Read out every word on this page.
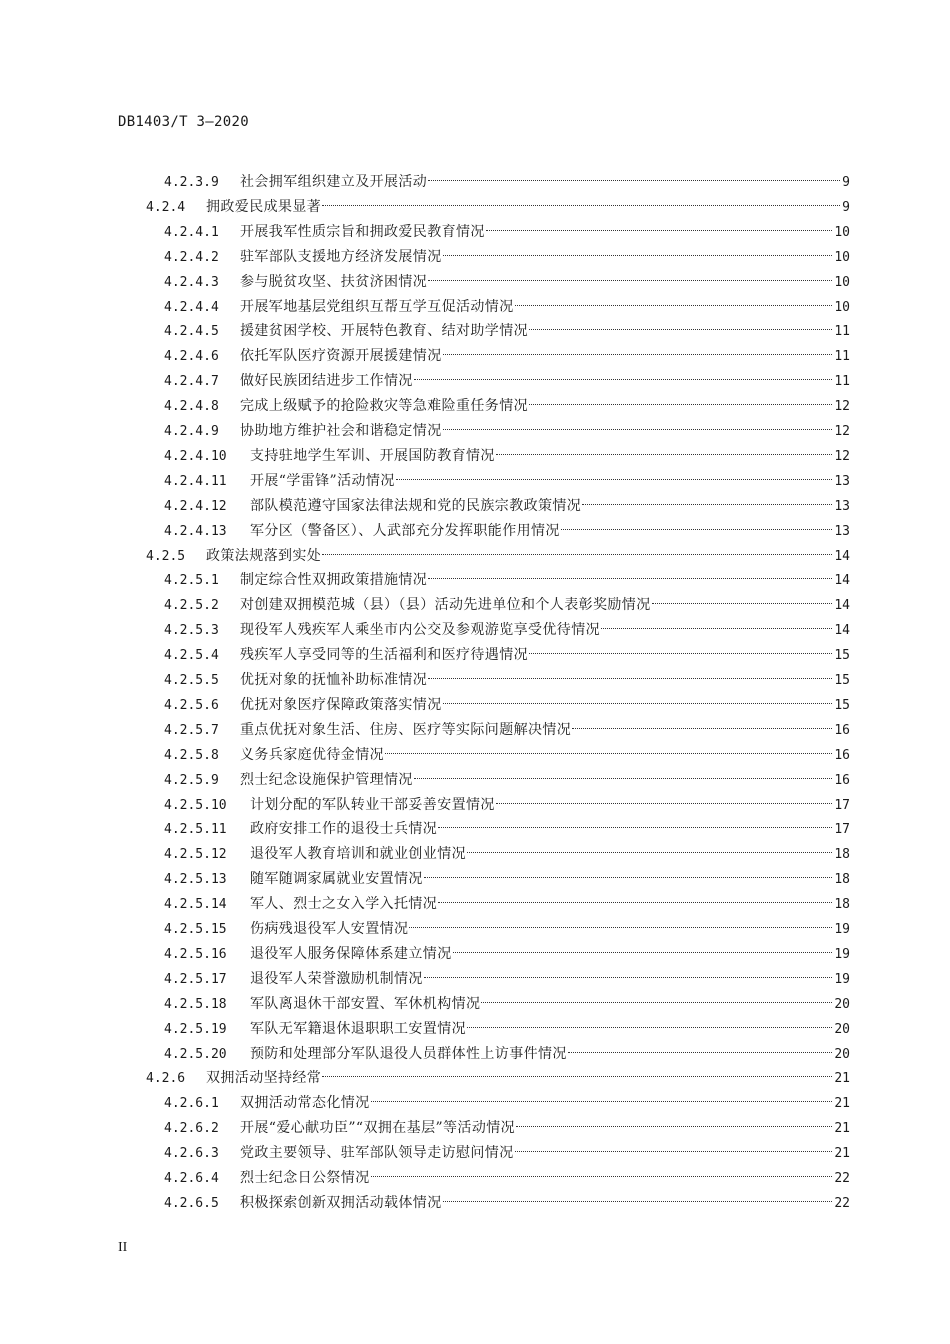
DB1403/T 3—2020
4.2.3.9	社会拥军组织建立及开展活动	9
4.2.4	拥政爱民成果显著	9
4.2.4.1	开展我军性质宗旨和拥政爱民教育情况	10
4.2.4.2	驻军部队支援地方经济发展情况	10
4.2.4.3	参与脱贫攻坚、扶贫济困情况	10
4.2.4.4	开展军地基层党组织互帮互学互促活动情况	10
4.2.4.5	援建贫困学校、开展特色教育、结对助学情况	11
4.2.4.6	依托军队医疗资源开展援建情况	11
4.2.4.7	做好民族团结进步工作情况	11
4.2.4.8	完成上级赋予的抢险救灾等急难险重任务情况	12
4.2.4.9	协助地方维护社会和谐稳定情况	12
4.2.4.10	支持驻地学生军训、开展国防教育情况	12
4.2.4.11	开展“学雷锋”活动情况	13
4.2.4.12	部队模范遵守国家法律法规和党的民族宗教政策情况	13
4.2.4.13	军分区（警备区）、人武部充分发挥职能作用情况	13
4.2.5	政策法规落到实处	14
4.2.5.1	制定综合性双拥政策措施情况	14
4.2.5.2	对创建双拥模范城（县）（县）活动先进单位和个人表彰奖励情况	14
4.2.5.3	现役军人残疾军人乘坐市内公交及参观游览享受优待情况	14
4.2.5.4	残疾军人享受同等的生活福利和医疗待遇情况	15
4.2.5.5	优抚对象的抚恤补助标准情况	15
4.2.5.6	优抚对象医疗保障政策落实情况	15
4.2.5.7	重点优抚对象生活、住房、医疗等实际问题解决情况	16
4.2.5.8	义务兵家庭优待金情况	16
4.2.5.9	烈士纪念设施保护管理情况	16
4.2.5.10	计划分配的军队转业干部妥善安置情况	17
4.2.5.11	政府安排工作的退役士兵情况	17
4.2.5.12	退役军人教育培训和就业创业情况	18
4.2.5.13	随军随调家属就业安置情况	18
4.2.5.14	军人、烈士之女入学入托情况	18
4.2.5.15	伤病残退役军人安置情况	19
4.2.5.16	退役军人服务保障体系建立情况	19
4.2.5.17	退役军人荣誉激励机制情况	19
4.2.5.18	军队离退休干部安置、军休机构情况	20
4.2.5.19	军队无军籍退休退职职工安置情况	20
4.2.5.20	预防和处理部分军队退役人员群体性上访事件情况	20
4.2.6	双拥活动坚持经常	21
4.2.6.1	双拥活动常态化情况	21
4.2.6.2	开展“爱心献功臣”“双拥在基层”等活动情况	21
4.2.6.3	党政主要领导、驻军部队领导走访慰问情况	21
4.2.6.4	烈士纪念日公祭情况	22
4.2.6.5	积极探索创新双拥活动载体情况	22
II
